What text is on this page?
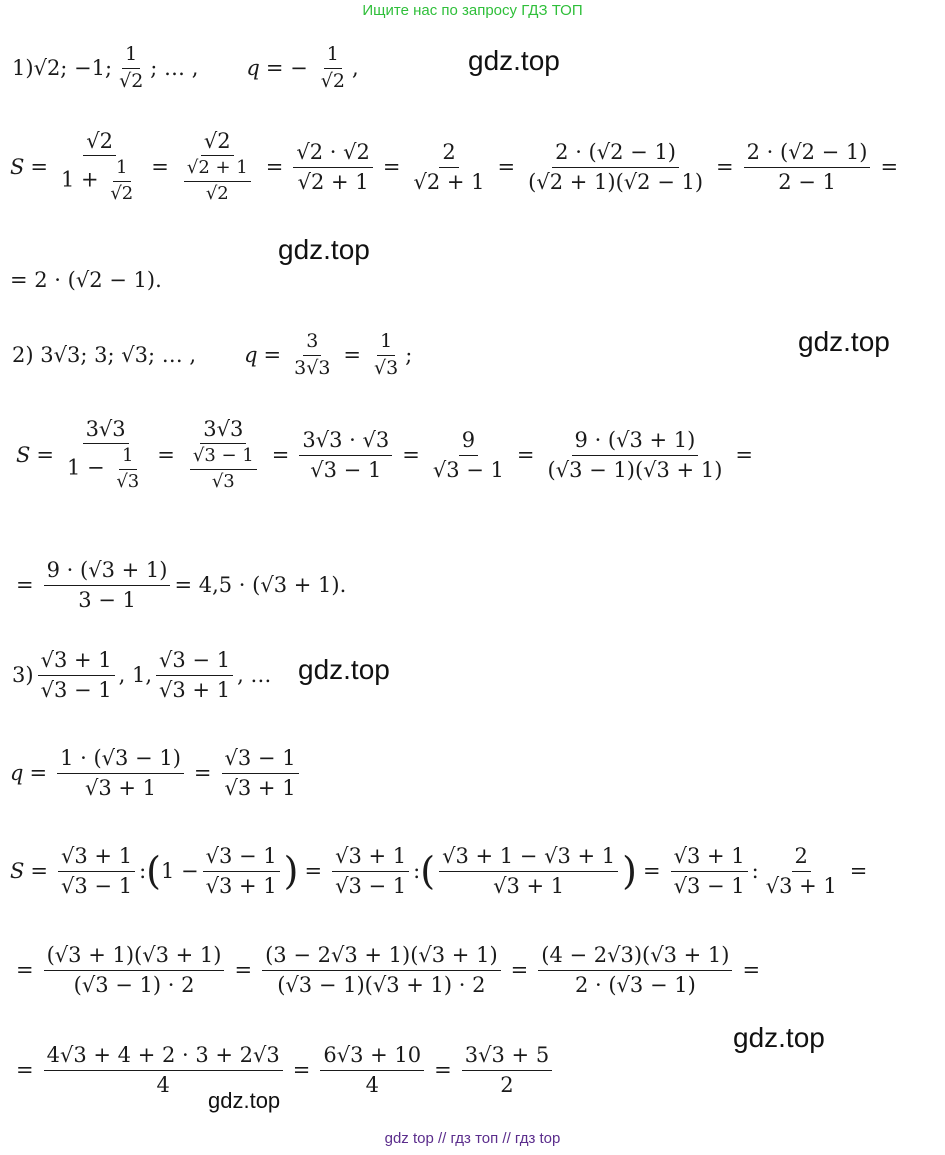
Ищите нас по запросу ГДЗ ТОП
gdz.top
gdz.top
gdz.top
gdz.top
gdz.top
gdz.top
1) √2; −1; $\frac{1}{√2}$ ; … , q = − $\frac{1}{√2}$ ,
$S = \frac{√2}{1 + \frac{1}{√2}} = \frac{√2}{\frac{√2 + 1}{√2}} = \frac{√2 \cdot √2}{√2 + 1} = \frac{2}{√2 + 1} = \frac{2 \cdot (√2 - 1)}{(√2 + 1)(√2 - 1)} = \frac{2 \cdot (√2 - 1)}{2 - 1}$ =
= 2 · (√2 − 1).
2)
3√3; 3; √3; … , $q = \frac{3}{3√3} = \frac{1}{√3}$ ;
$S = \frac{3√3}{1 - \frac{1}{√3}} = \frac{3√3}{\frac{√3 - 1}{√3}} = \frac{3√3 \cdot √3}{√3 - 1} = \frac{9}{√3 - 1} = \frac{9 \cdot (√3 + 1)}{(√3 - 1)(√3 + 1)}$ =
= $\frac{9 \cdot (√3 + 1)}{3 - 1} = 4,5 \cdot (√3 + 1)$.
$3) \frac{√3 + 1}{√3 - 1}$ , 1, $\frac{√3 - 1}{√3 + 1}$ , …
$q = \frac{1 \cdot (√3 - 1)}{√3 + 1} = \frac{√3 - 1}{√3 + 1}$
$S = \frac{√3 + 1}{√3 - 1}$ : ( $1 - \frac{√3 - 1}{√3 + 1}$ ) = $\frac{√3 + 1}{√3 - 1}$ : ( $\frac{√3 + 1 - √3 + 1}{√3 + 1}$ ) = $\frac{√3 + 1}{√3 - 1}$ : $\frac{2}{√3 + 1}$ =
= $\frac{(√3 + 1)(√3 + 1)}{(√3 - 1) \cdot 2} = \frac{(3 - 2√3 + 1)(√3 + 1)}{(√3 - 1)(√3 + 1) \cdot 2} = \frac{(4 - 2√3)(√3 + 1)}{2 \cdot (√3 - 1)}$ =
= $\frac{4√3 + 4 + 2 \cdot 3 + 2√3}{4} = \frac{6√3 + 10}{4} = \frac{3√3 + 5}{2}$
gdz top // гдз топ // гдз top
